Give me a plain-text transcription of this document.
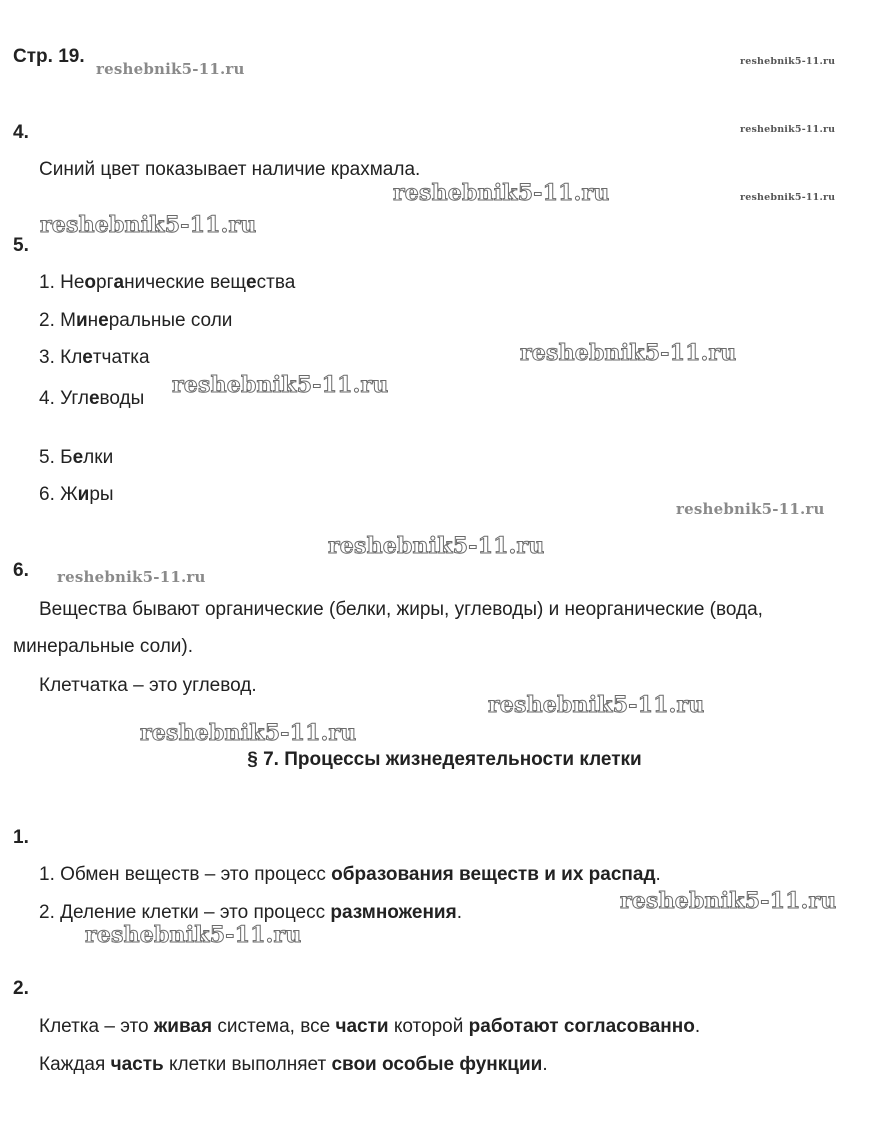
Стр. 19.
reshebnik5-11.ru	reshebnik5-11.ru
reshebnik5-11.ru
reshebnik5-11.ru	reshebnik5-11.ru
reshebnik5-11.ru
reshebnik5-11.ru
reshebnik5-11.ru
reshebnik5-11.ru
reshebnik5-11.ru
reshebnik5-11.ru
reshebnik5-11.ru
reshebnik5-11.ru
reshebnik5-11.ru
reshebnik5-11.ru
4.
Синий цвет показывает наличие крахмала.
5.
1. Неорганические вещества
2. Минеральные соли
3. Клетчатка
4. Углеводы
5. Белки
6. Жиры
6.
Вещества бывают органические (белки, жиры, углеводы) и неорганические (вода,
минеральные соли).
Клетчатка – это углевод.
§ 7. Процессы жизнедеятельности клетки
1.
1. Обмен веществ – это процесс образования веществ и их распад.
2. Деление клетки – это процесс размножения.
2.
Клетка – это живая система, все части которой работают согласованно.
Каждая часть клетки выполняет свои особые функции.
